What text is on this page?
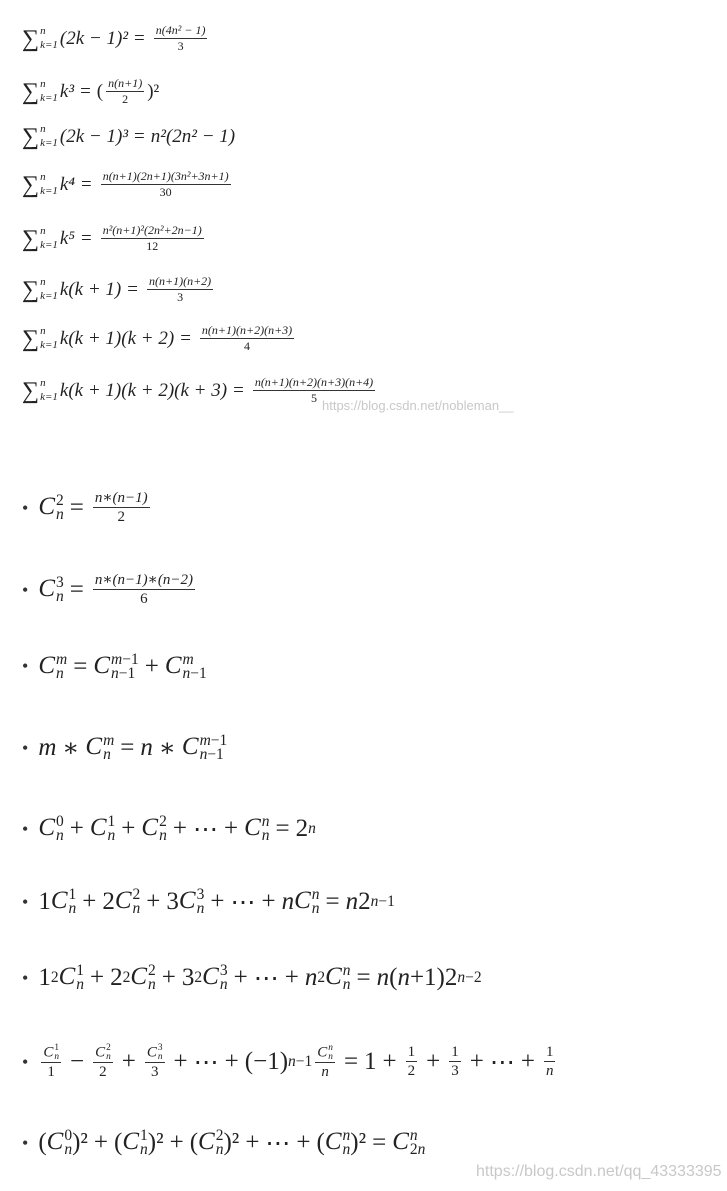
∑ n
k=1 $(2k - 1)^2 = \frac{\text{n(4n² − 1)}}{3}$
∑ n
k=1 k³ = ( $\frac{n(n+1)}{2} )^2$
∑ n
k=1 (2k − 1)³ = n²(2n² − 1)
∑ n
k=1 $k^4 = \frac{\text{n(n+1)(2n+1)(3n²+3n+1)}}{30}$
∑ n
k=1 $k^5 = \frac{\text{n²(n+1)²(2n²+2n−1)}}{12}$
∑ n
k=1 $k(k + 1) = \frac{n(n+1)(n+2)}{3}$
∑ n
k=1 $k(k + 1)(k + 2) = \frac{n(n+1)(n+2)(n+3)}{4}$
∑ n
k=1 $k(k + 1)(k + 2)(k + 3) = \frac{n(n+1)(n+2)(n+3)(n+4)}{5}$
https://blog.csdn.net/nobleman__
• C 2
$n = \frac{n∗(n-1)}{2}$
• C 3
$n = \frac{n∗(n-1)∗(n-2)}{6}$
• C m
n = C m−1
n−1 + C m
n−1
• m ∗ C m
n = n ∗ C m−1
n−1
• C 0
n + C 1
n + C 2
n + ⋯ + C n
n = 2 n
• 1 C 1
n + 2 C 2
n + 3 C 3
n + ⋯ + n C n
n = n 2 n−1
• 1 2 C 1
n + 2 2 C 2
n + 3 2 C 3
n + ⋯ + n 2 C n
n = n ( n +1)2 n−2
• C 1
n
1 − C 2
n
2 + C 3
n
3 + ⋯ + (−1) n−1 C n
n
$n = 1 + \frac{1}{2} + \frac{1}{3}$ + ⋯ + $\frac{1}{n}$
• ( C 0
n )² + ( C 1
n )² + ( C 2
n )² + ⋯ + ( C n
n )² = C n
2n
https://blog.csdn.net/qq_43333395
